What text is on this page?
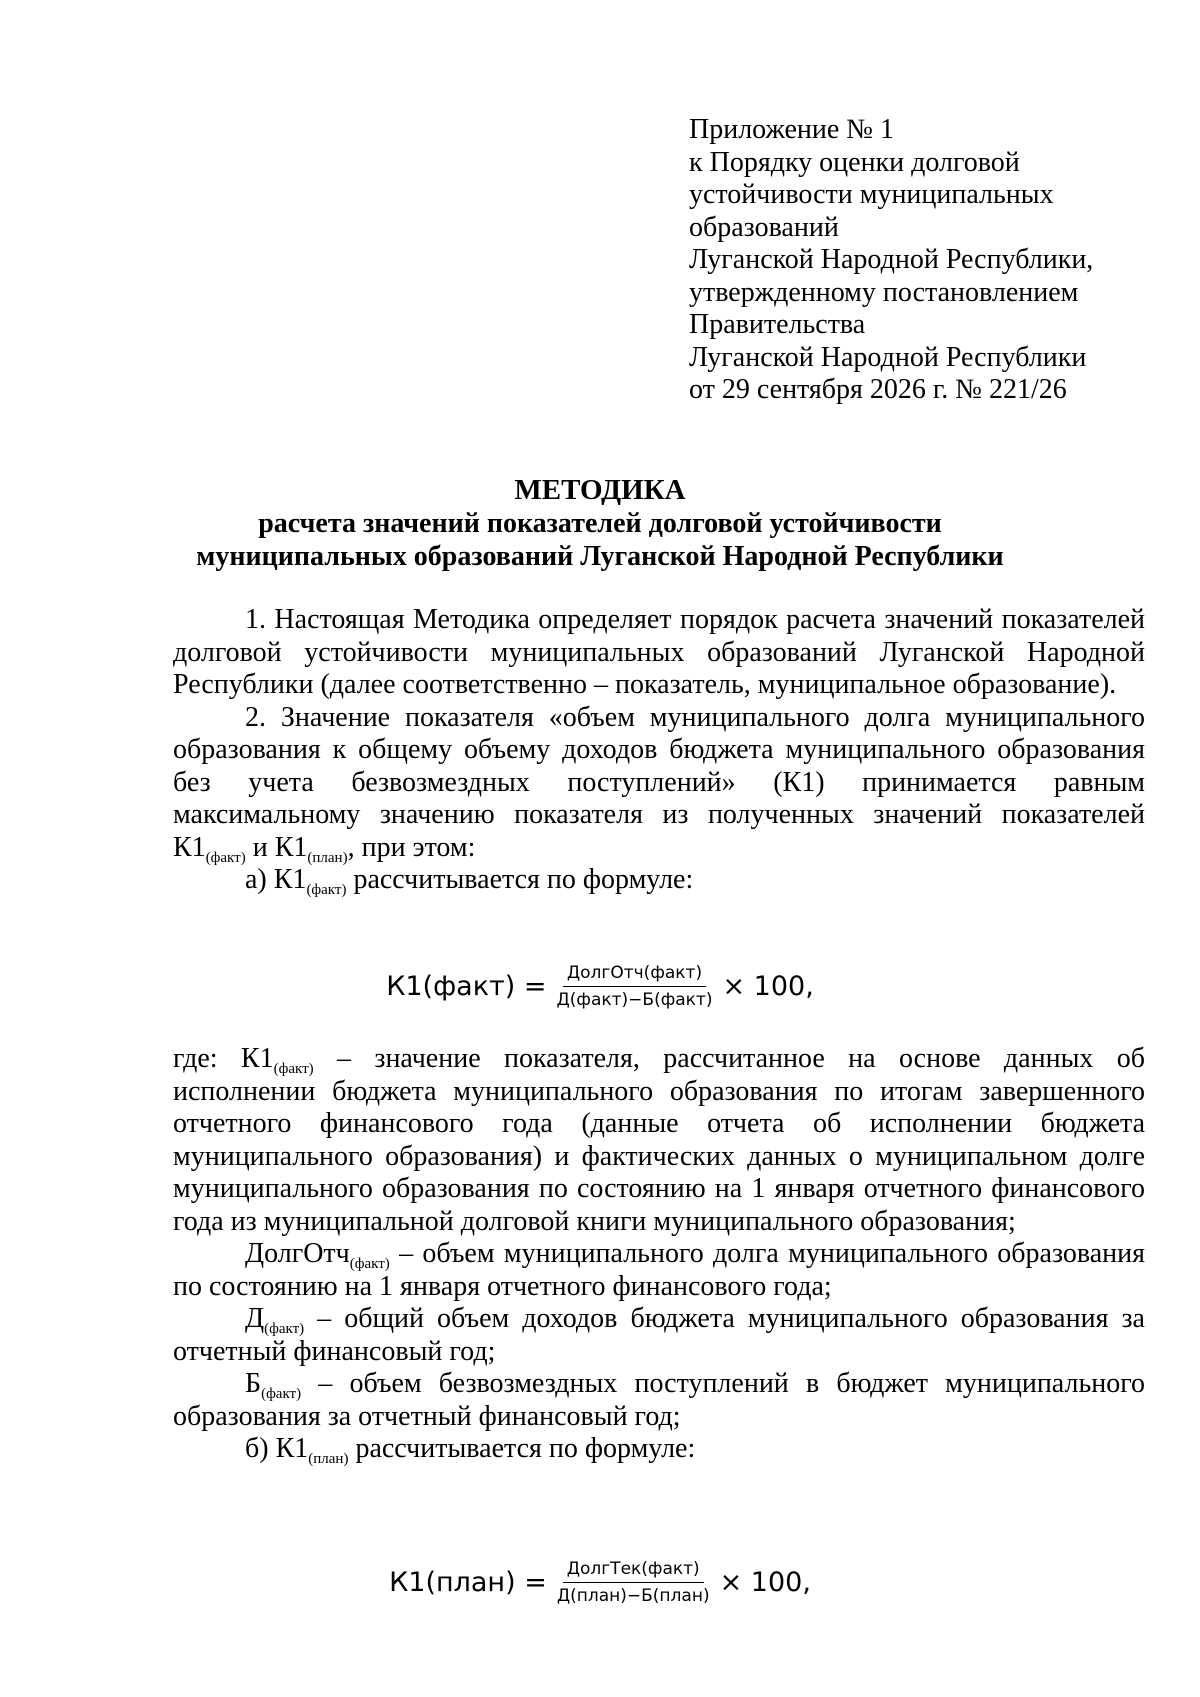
Приложение № 1
к Порядку оценки долговой
устойчивости муниципальных
образований
Луганской Народной Республики,
утвержденному постановлением
Правительства
Луганской Народной Республики
от 29 сентября 2026 г. № 221/26
МЕТОДИКА
расчета значений показателей долговой устойчивости
муниципальных образований Луганской Народной Республики

1. Настоящая Методика определяет порядок расчета значений показателей долговой устойчивости муниципальных образований Луганской Народной Республики (далее соответственно – показатель, муниципальное образование).

2. Значение показателя «объем муниципального долга муниципального образования к общему объему доходов бюджета муниципального образования без учета безвозмездных поступлений» (К1) принимается равным максимальному значению показателя из полученных значений показателей $К1_{(факт)}$ и $К1_{(план)}$, при этом:

а) $К1_{(факт)}$ рассчитывается по формуле:

К1(факт) = $\frac{\text{ДолгОтч(факт)}}{\text{Д(факт)−Б(факт)}} \times 100$,

где: $К1_{(факт)}$ – значение показателя, рассчитанное на основе данных об исполнении бюджета муниципального образования по итогам завершенного отчетного финансового года (данные отчета об исполнении бюджета муниципального образования) и фактических данных о муниципальном долге муниципального образования по состоянию на 1 января отчетного финансового года из муниципальной долговой книги муниципального образования;

ДолгОтч$_{(факт)}$ – объем муниципального долга муниципального образования по состоянию на 1 января отчетного финансового года;

$Д_{(факт)}$ – общий объем доходов бюджета муниципального образования за отчетный финансовый год;

$Б_{(факт)}$ – объем безвозмездных поступлений в бюджет муниципального образования за отчетный финансовый год;

б) $К1_{(план)}$ рассчитывается по формуле:

К1(план) = $\frac{\text{ДолгТек(факт)}}{\text{Д(план)−Б(план)}} \times 100$,
